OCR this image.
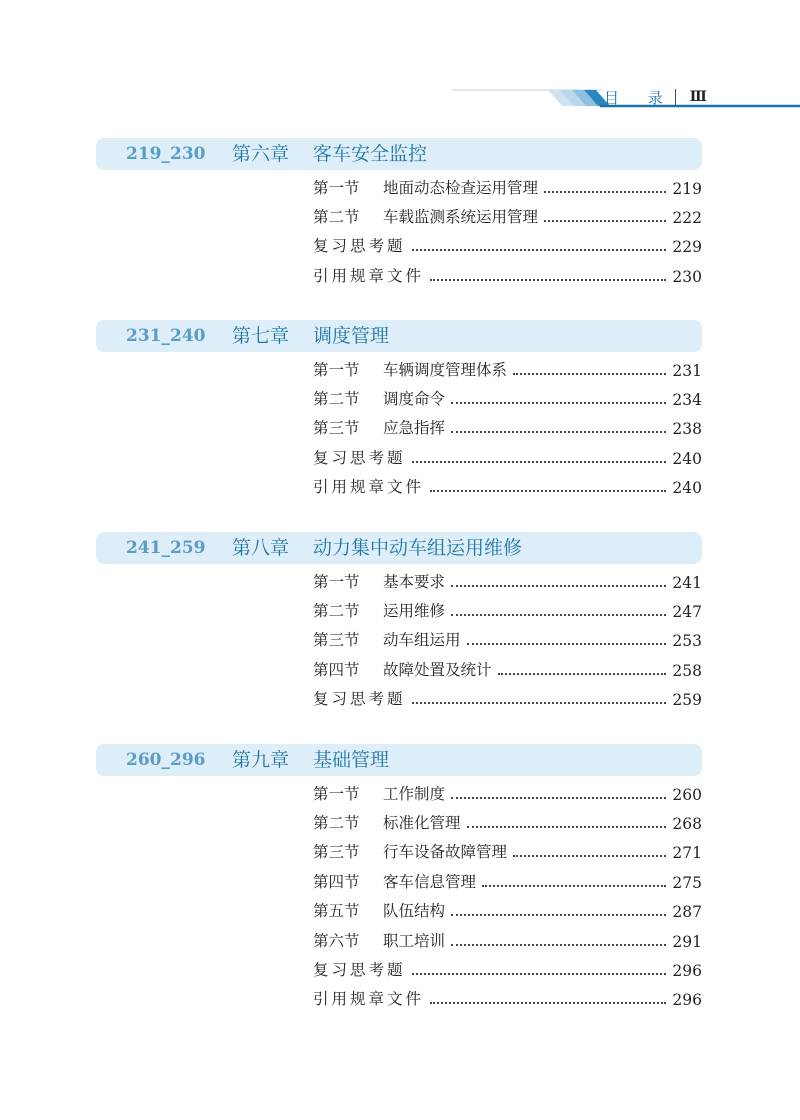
目 录 Ⅲ
219_230 第六章 客车安全监控
第一节	地面动态检查运用管理	219
第二节	车载监测系统运用管理	222
复习思考题	229
引用规章文件	230
231_240 第七章 调度管理
第一节	车辆调度管理体系	231
第二节	调度命令	234
第三节	应急指挥	238
复习思考题	240
引用规章文件	240
241_259 第八章 动力集中动车组运用维修
第一节	基本要求	241
第二节	运用维修	247
第三节	动车组运用	253
第四节	故障处置及统计	258
复习思考题	259
260_296 第九章 基础管理
第一节	工作制度	260
第二节	标准化管理	268
第三节	行车设备故障管理	271
第四节	客车信息管理	275
第五节	队伍结构	287
第六节	职工培训	291
复习思考题	296
引用规章文件	296
